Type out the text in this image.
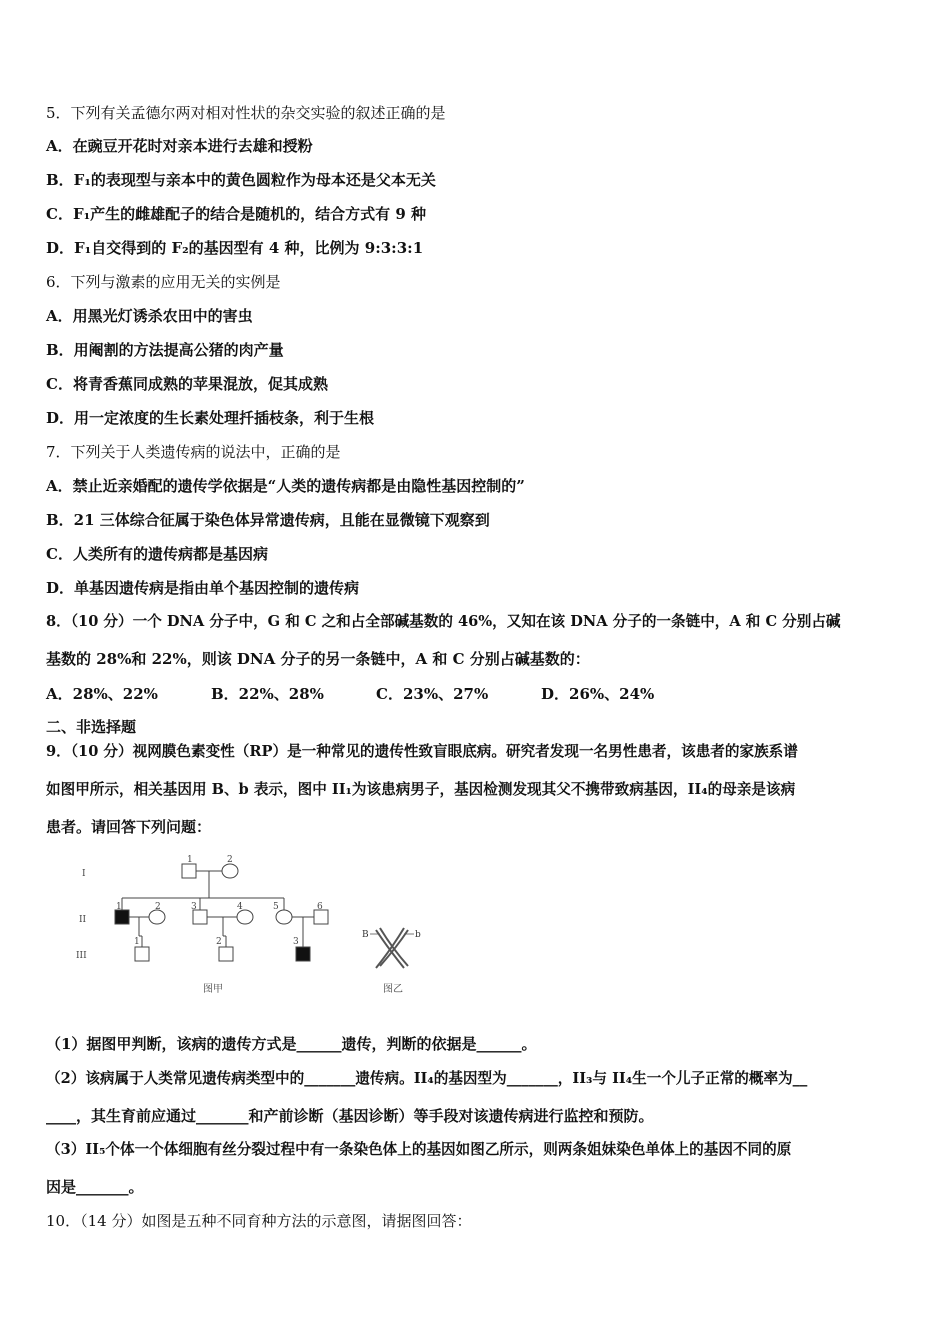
5．下列有关孟德尔两对相对性状的杂交实验的叙述正确的是
A．在豌豆开花时对亲本进行去雄和授粉
B．F₁的表现型与亲本中的黄色圆粒作为母本还是父本无关
C．F₁产生的雌雄配子的结合是随机的，结合方式有 9 种
D．F₁自交得到的 F₂的基因型有 4 种，比例为 9:3:3:1
6．下列与激素的应用无关的实例是
A．用黑光灯诱杀农田中的害虫
B．用阉割的方法提高公猪的肉产量
C．将青香蕉同成熟的苹果混放，促其成熟
D．用一定浓度的生长素处理扦插枝条，利于生根
7．下列关于人类遗传病的说法中，正确的是
A．禁止近亲婚配的遗传学依据是“人类的遗传病都是由隐性基因控制的”
B．21 三体综合征属于染色体异常遗传病，且能在显微镜下观察到
C．人类所有的遗传病都是基因病
D．单基因遗传病是指由单个基因控制的遗传病
8．（10 分）一个 DNA 分子中，G 和 C 之和占全部碱基数的 46%，又知在该 DNA 分子的一条链中，A 和 C 分别占碱
基数的 28%和 22%，则该 DNA 分子的另一条链中，A 和 C 分别占碱基数的：
A．28%、22%	B．22%、28%	C．23%、27%	D．26%、24%
二、非选择题
9．（10 分）视网膜色素变性（RP）是一种常见的遗传性致盲眼底病。研究者发现一名男性患者，该患者的家族系谱
如图甲所示，相关基因用 B、b 表示，图中 II₁为该患病男子，基因检测发现其父不携带致病基因，II₄的母亲是该病
患者。请回答下列问题：
I
II
III
1	2
1	2	3	4	5	6
1	2	3
B	b
图甲	图乙
（1）据图甲判断，该病的遗传方式是______遗传，判断的依据是______。
（2）该病属于人类常见遗传病类型中的_______遗传病。II₄的基因型为_______，II₃与 II₄生一个儿子正常的概率为__
____，其生育前应通过_______和产前诊断（基因诊断）等手段对该遗传病进行监控和预防。
（3）II₅个体一个体细胞有丝分裂过程中有一条染色体上的基因如图乙所示，则两条姐妹染色单体上的基因不同的原
因是_______。
10．（14 分）如图是五种不同育种方法的示意图，请据图回答：
